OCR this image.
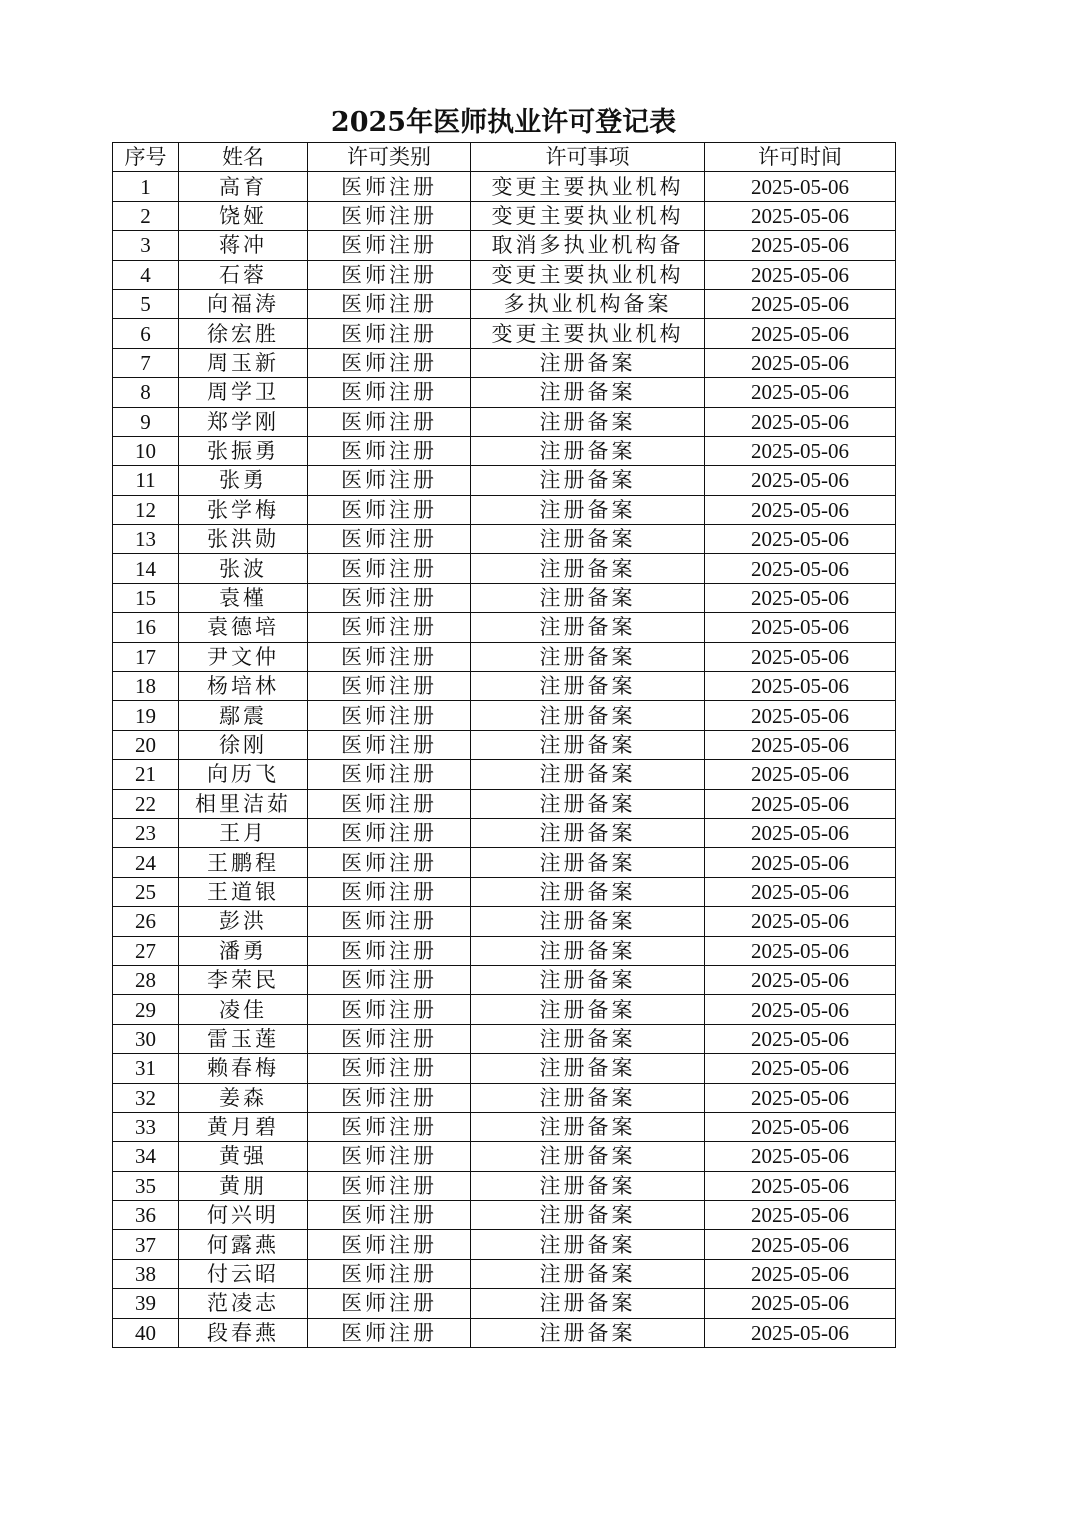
2025年医师执业许可登记表
序号	姓名	许可类别	许可事项	许可时间
1	高育	医师注册	变更主要执业机构	2025-05-06
2	饶娅	医师注册	变更主要执业机构	2025-05-06
3	蒋冲	医师注册	取消多执业机构备	2025-05-06
4	石蓉	医师注册	变更主要执业机构	2025-05-06
5	向福涛	医师注册	多执业机构备案	2025-05-06
6	徐宏胜	医师注册	变更主要执业机构	2025-05-06
7	周玉新	医师注册	注册备案	2025-05-06
8	周学卫	医师注册	注册备案	2025-05-06
9	郑学刚	医师注册	注册备案	2025-05-06
10	张振勇	医师注册	注册备案	2025-05-06
11	张勇	医师注册	注册备案	2025-05-06
12	张学梅	医师注册	注册备案	2025-05-06
13	张洪勋	医师注册	注册备案	2025-05-06
14	张波	医师注册	注册备案	2025-05-06
15	袁槿	医师注册	注册备案	2025-05-06
16	袁德培	医师注册	注册备案	2025-05-06
17	尹文仲	医师注册	注册备案	2025-05-06
18	杨培林	医师注册	注册备案	2025-05-06
19	鄢震	医师注册	注册备案	2025-05-06
20	徐刚	医师注册	注册备案	2025-05-06
21	向历飞	医师注册	注册备案	2025-05-06
22	相里洁茹	医师注册	注册备案	2025-05-06
23	王月	医师注册	注册备案	2025-05-06
24	王鹏程	医师注册	注册备案	2025-05-06
25	王道银	医师注册	注册备案	2025-05-06
26	彭洪	医师注册	注册备案	2025-05-06
27	潘勇	医师注册	注册备案	2025-05-06
28	李荣民	医师注册	注册备案	2025-05-06
29	凌佳	医师注册	注册备案	2025-05-06
30	雷玉莲	医师注册	注册备案	2025-05-06
31	赖春梅	医师注册	注册备案	2025-05-06
32	姜森	医师注册	注册备案	2025-05-06
33	黄月碧	医师注册	注册备案	2025-05-06
34	黄强	医师注册	注册备案	2025-05-06
35	黄朋	医师注册	注册备案	2025-05-06
36	何兴明	医师注册	注册备案	2025-05-06
37	何露燕	医师注册	注册备案	2025-05-06
38	付云昭	医师注册	注册备案	2025-05-06
39	范凌志	医师注册	注册备案	2025-05-06
40	段春燕	医师注册	注册备案	2025-05-06
